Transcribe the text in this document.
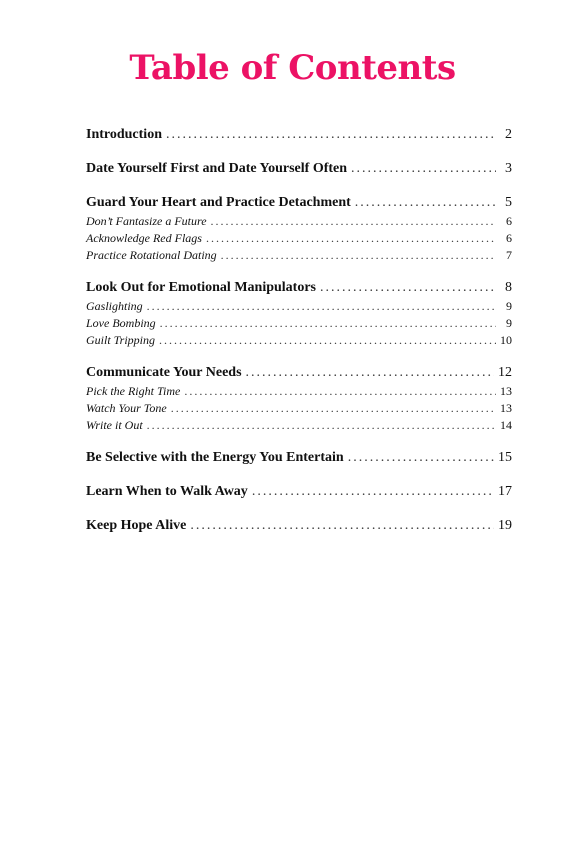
Table of Contents
Introduction .....	2
Date Yourself First and Date Yourself Often .....	3
Guard Your Heart and Practice Detachment .....	5
Don’t Fantasize a Future .....	6
Acknowledge Red Flags .....	6
Practice Rotational Dating .....	7
Look Out for Emotional Manipulators .....	8
Gaslighting .....	9
Love Bombing .....	9
Guilt Tripping .....	10
Communicate Your Needs .....	12
Pick the Right Time .....	13
Watch Your Tone .....	13
Write it Out .....	14
Be Selective with the Energy You Entertain .....	15
Learn When to Walk Away .....	17
Keep Hope Alive .....	19
